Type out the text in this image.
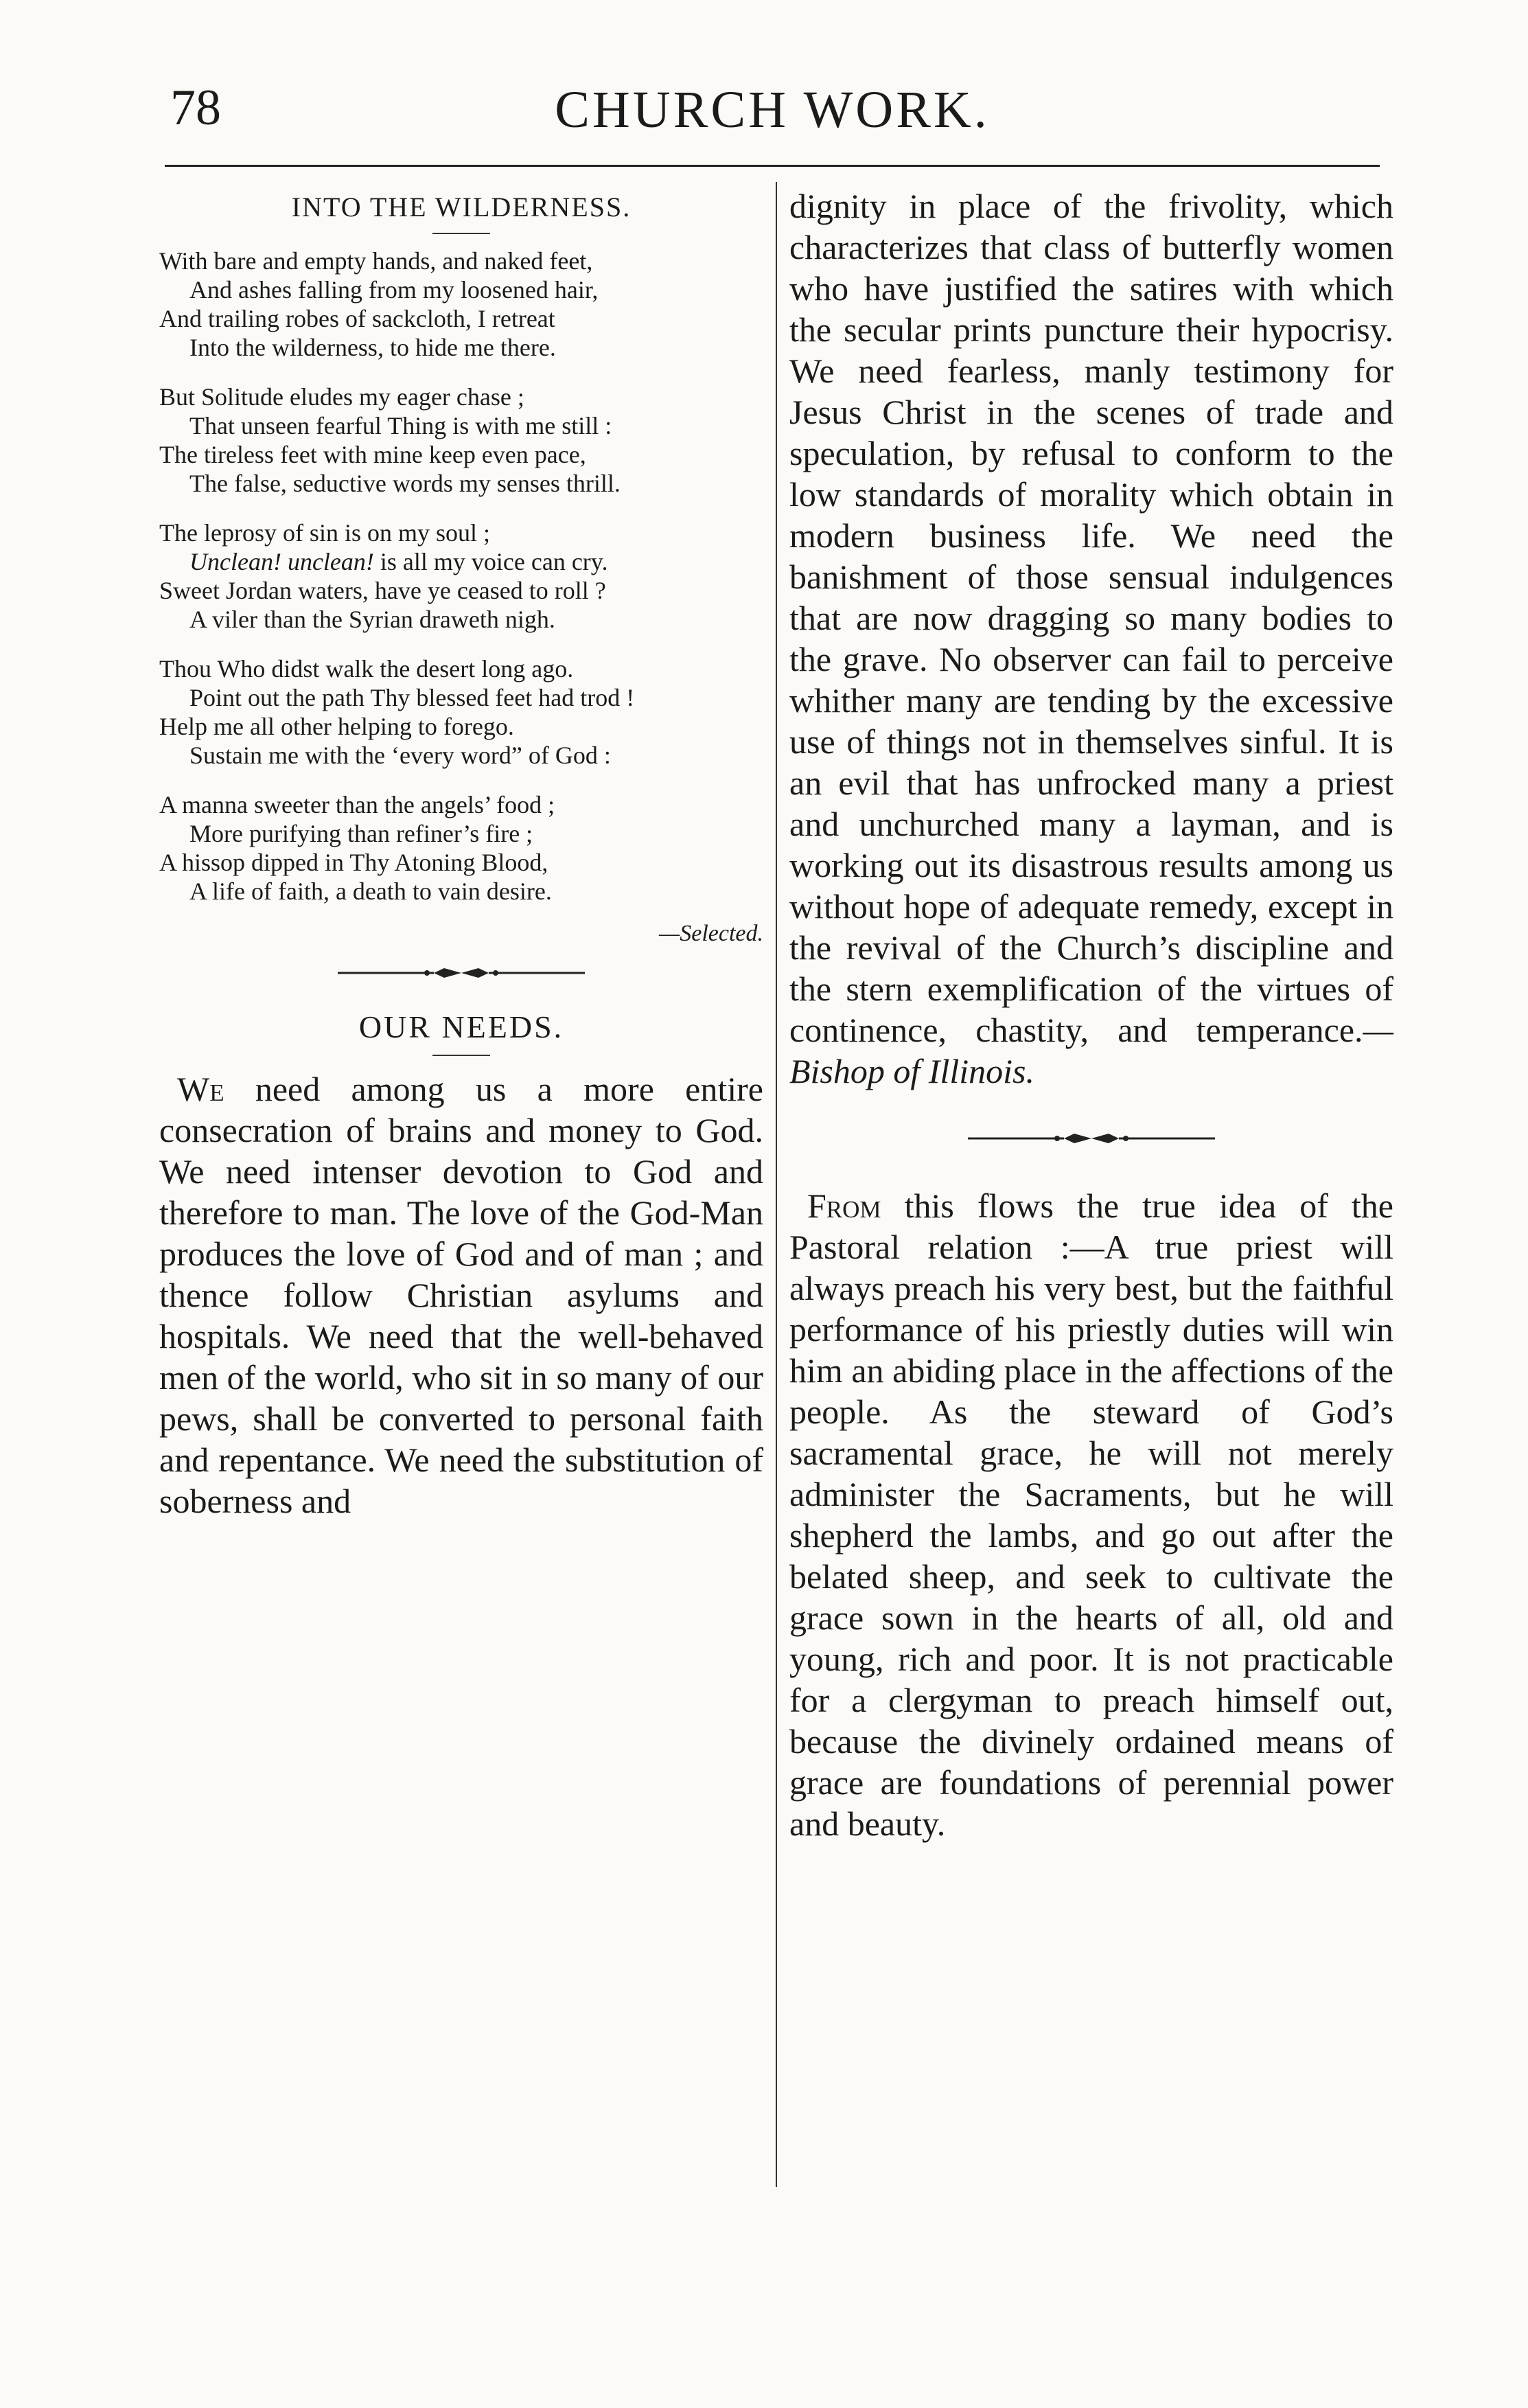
78	CHURCH WORK.
INTO THE WILDERNESS.
With bare and empty hands, and naked feet,
And ashes falling from my loosened hair,
And trailing robes of sackcloth, I retreat
Into the wilderness, to hide me there.
But Solitude eludes my eager chase ;
That unseen fearful Thing is with me still :
The tireless feet with mine keep even pace,
The false, seductive words my senses thrill.
The leprosy of sin is on my soul ;
Unclean! unclean! is all my voice can cry.
Sweet Jordan waters, have ye ceased to roll ?
A viler than the Syrian draweth nigh.
Thou Who didst walk the desert long ago.
Point out the path Thy blessed feet had trod !
Help me all other helping to forego.
Sustain me with the ‘every word” of God :
A manna sweeter than the angels’ food ;
More purifying than refiner’s fire ;
A hissop dipped in Thy Atoning Blood,
A life of faith, a death to vain desire.
—Selected.
OUR NEEDS.

We need among us a more entire consecration of brains and money to God. We need intenser devotion to God and therefore to man. The love of the God-Man produces the love of God and of man ; and thence follow Christian asylums and hospitals. We need that the well-behaved men of the world, who sit in so many of our pews, shall be converted to personal faith and repentance. We need the substitution of soberness and

dignity in place of the frivolity, which characterizes that class of butterfly women who have justified the satires with which the secular prints puncture their hypocrisy. We need fearless, manly testimony for Jesus Christ in the scenes of trade and speculation, by refusal to conform to the low standards of morality which obtain in modern business life. We need the banishment of those sensual indulgences that are now dragging so many bodies to the grave. No observer can fail to perceive whither many are tending by the excessive use of things not in themselves sinful. It is an evil that has unfrocked many a priest and unchurched many a layman, and is working out its disastrous results among us without hope of adequate remedy, except in the revival of the Church’s discipline and the stern exemplification of the virtues of continence, chastity, and temperance.—Bishop of Illinois.

From this flows the true idea of the Pastoral relation :—A true priest will always preach his very best, but the faithful performance of his priestly duties will win him an abiding place in the affections of the people. As the steward of God’s sacramental grace, he will not merely administer the Sacraments, but he will shepherd the lambs, and go out after the belated sheep, and seek to cultivate the grace sown in the hearts of all, old and young, rich and poor. It is not practicable for a clergyman to preach himself out, because the divinely ordained means of grace are foundations of perennial power and beauty.
